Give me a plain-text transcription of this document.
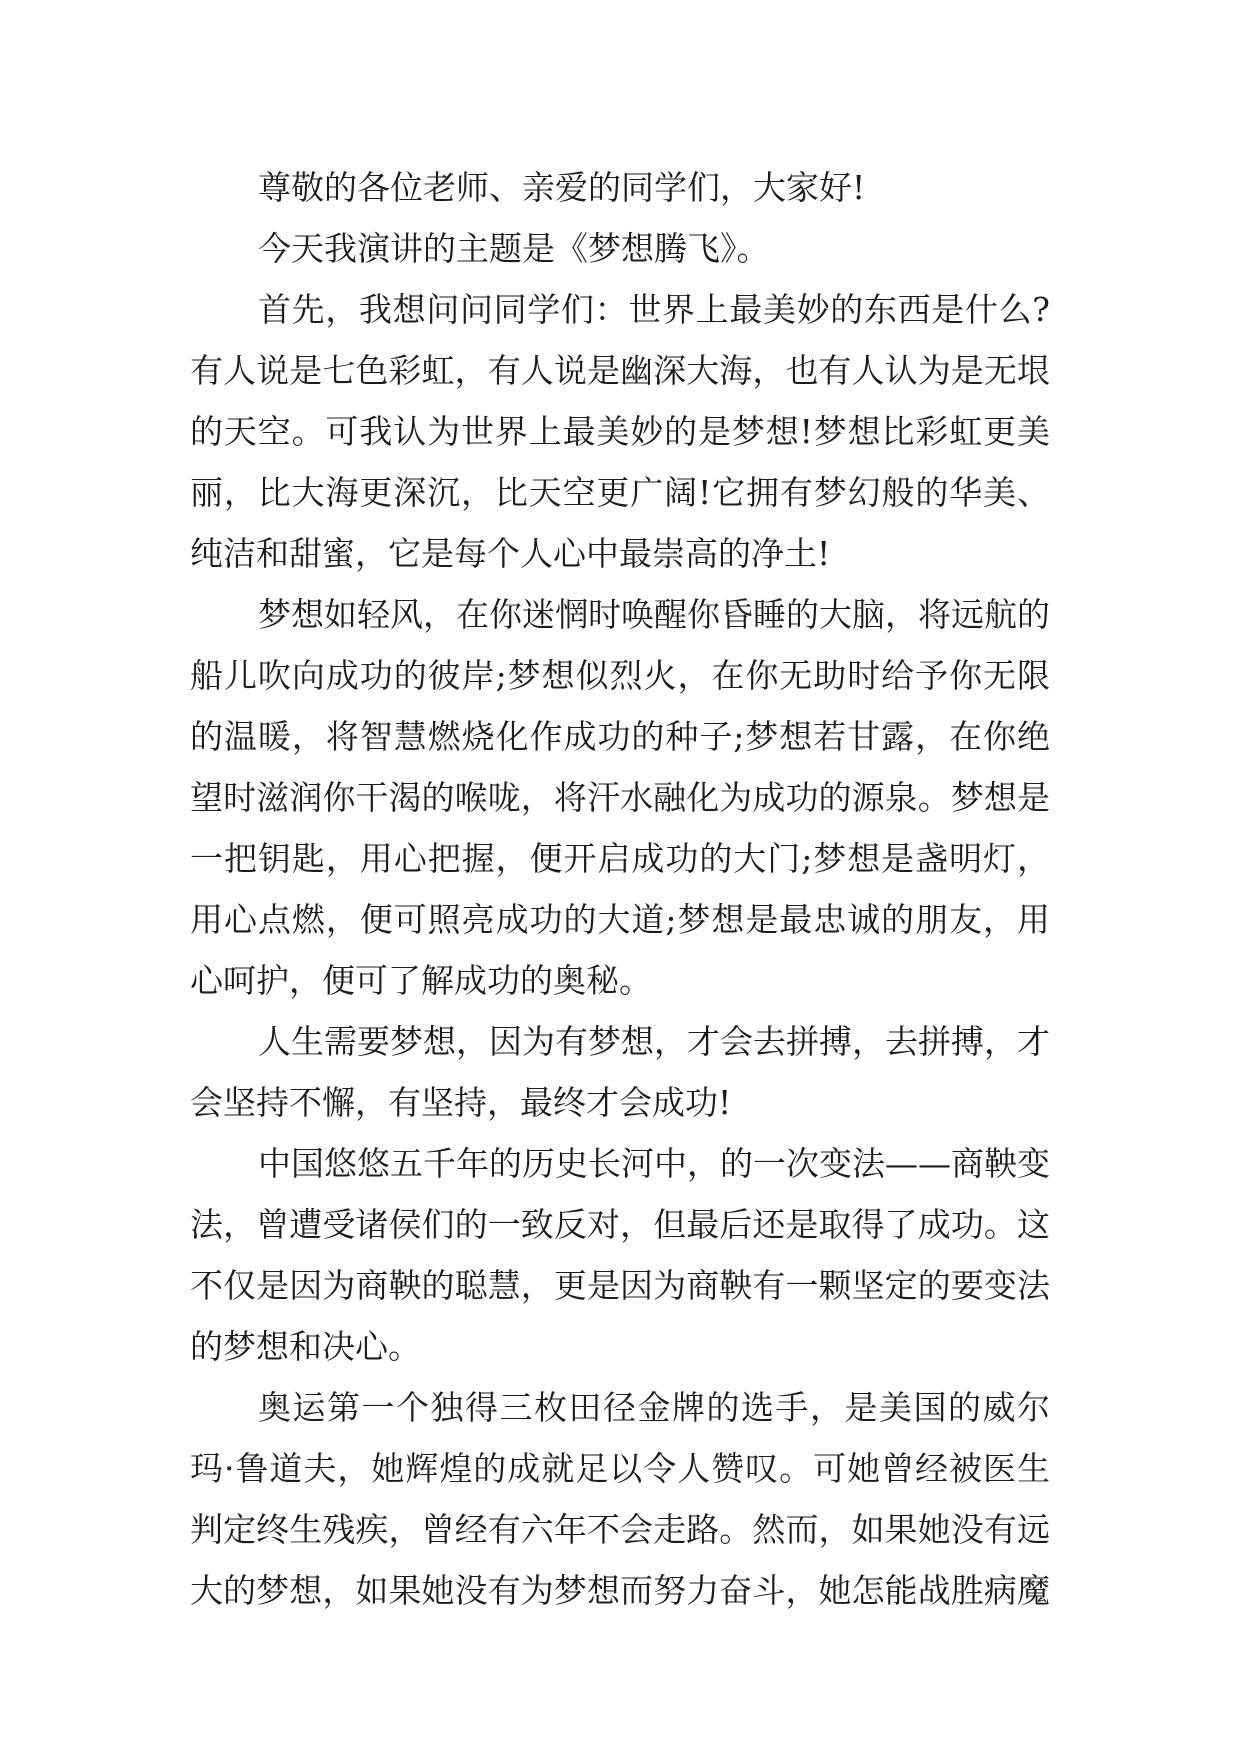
尊敬的各位老师、亲爱的同学们，大家好!
今天我演讲的主题是《梦想腾飞》。
首先，我想问问同学们：世界上最美妙的东西是什么?
有人说是七色彩虹，有人说是幽深大海，也有人认为是无垠
的天空。可我认为世界上最美妙的是梦想!梦想比彩虹更美
丽，比大海更深沉，比天空更广阔!它拥有梦幻般的华美、
纯洁和甜蜜，它是每个人心中最崇高的净土!
梦想如轻风，在你迷惘时唤醒你昏睡的大脑，将远航的
船儿吹向成功的彼岸;梦想似烈火，在你无助时给予你无限
的温暖，将智慧燃烧化作成功的种子;梦想若甘露，在你绝
望时滋润你干渴的喉咙，将汗水融化为成功的源泉。梦想是
一把钥匙，用心把握，便开启成功的大门;梦想是盏明灯，
用心点燃，便可照亮成功的大道;梦想是最忠诚的朋友，用
心呵护，便可了解成功的奥秘。
人生需要梦想，因为有梦想，才会去拼搏，去拼搏，才
会坚持不懈，有坚持，最终才会成功!
中国悠悠五千年的历史长河中，的一次变法——商鞅变
法，曾遭受诸侯们的一致反对，但最后还是取得了成功。这
不仅是因为商鞅的聪慧，更是因为商鞅有一颗坚定的要变法
的梦想和决心。
奥运第一个独得三枚田径金牌的选手，是美国的威尔
玛·鲁道夫，她辉煌的成就足以令人赞叹。可她曾经被医生
判定终生残疾，曾经有六年不会走路。然而，如果她没有远
大的梦想，如果她没有为梦想而努力奋斗，她怎能战胜病魔
